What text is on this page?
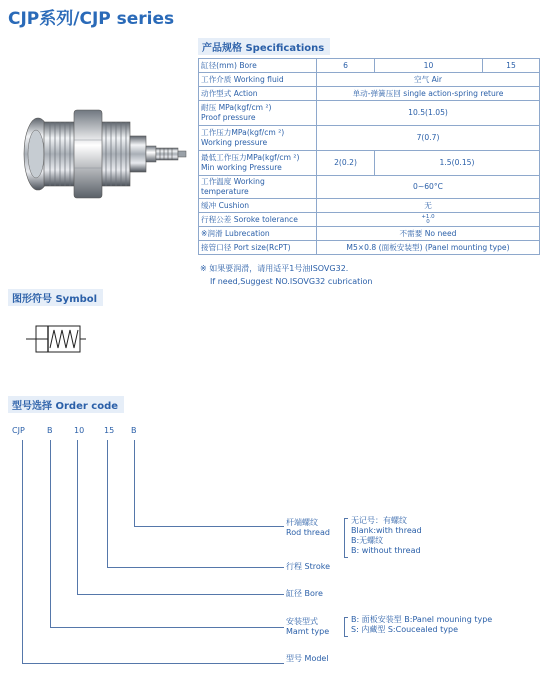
CJP系列/CJP series
产品规格 Specifications
缸径(mm) Bore	6	10	15
工作介质 Working fluid	空气 Air		
动作型式 Action	单动-弹簧压回 single action-spring reture		

耐压 MPa(kgf/cm ²)
Proof pressure	10.5(1.05)		

工作压力MPa(kgf/cm ²)
Working pressure	7(0.7)		

最低工作压力MPa(kgf/cm ²)
Min working Pressure	2(0.2)	1.5(0.15)	
工作温度 Working temperature	0~60°C		
缓冲 Cushion	无		
行程公差 Soroke tolerance	+1.0
0		

※润滑 Lubrecation	不需要 No need		
接管口径 Port size(RcPT)	M5×0.8 (面板安装型) (Panel mounting type)		
※ 如果要润滑，请用适平1号油ISOVG32.
If need,Suggest NO.ISOVG32 cubrication
图形符号 Symbol
型号选择 Order code
CJP	B	10 15 B
杆端螺纹
Rod thread
无记号：有螺纹
Blank:with thread
B:无螺纹
B: without thread
行程 Stroke
缸径 Bore
安装型式
Mamt type
B: 面板安装型 B:Panel mouning type
S: 内藏型 S:Coucealed type
型号 Model
